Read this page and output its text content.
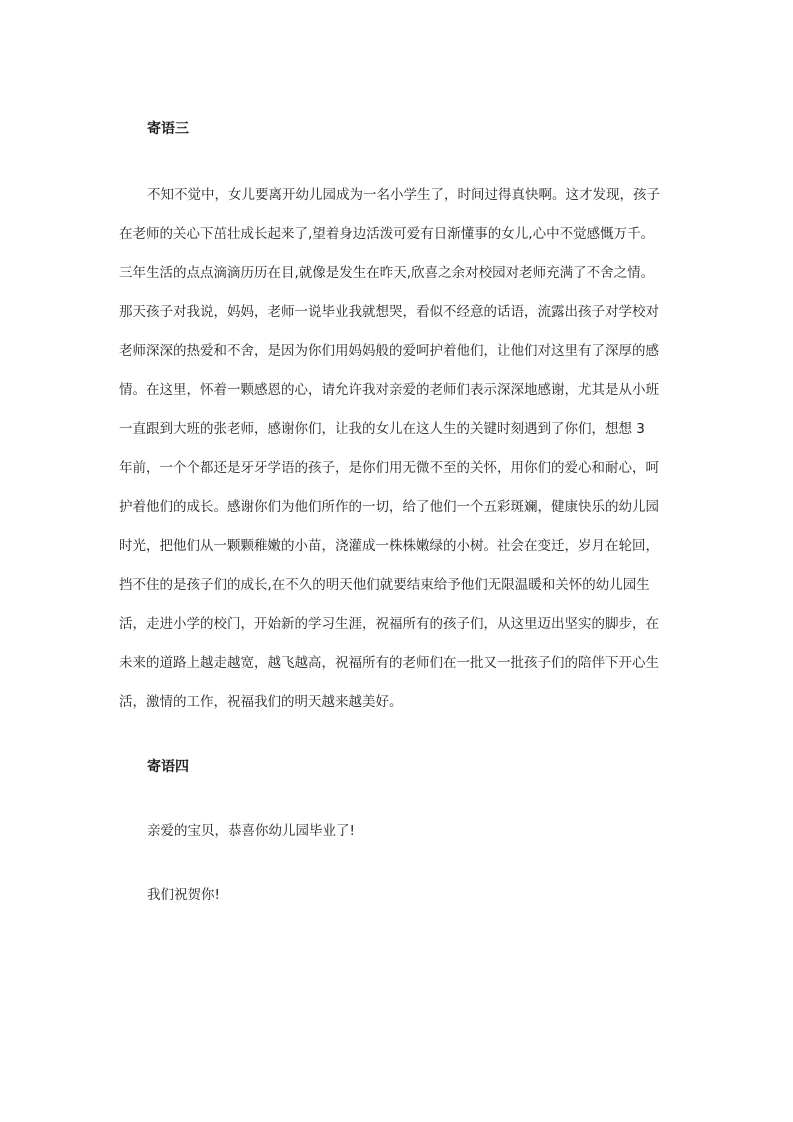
寄语三
不知不觉中，女儿要离开幼儿园成为一名小学生了，时间过得真快啊。这才发现，孩子
在老师的关心下茁壮成长起来了,望着身边活泼可爱有日渐懂事的女儿,心中不觉感慨万千。
三年生活的点点滴滴历历在目,就像是发生在昨天,欣喜之余对校园对老师充满了不舍之情。
那天孩子对我说，妈妈，老师一说毕业我就想哭，看似不经意的话语，流露出孩子对学校对
老师深深的热爱和不舍，是因为你们用妈妈般的爱呵护着他们，让他们对这里有了深厚的感
情。在这里，怀着一颗感恩的心，请允许我对亲爱的老师们表示深深地感谢，尤其是从小班
一直跟到大班的张老师，感谢你们，让我的女儿在这人生的关键时刻遇到了你们，想想 3
年前，一个个都还是牙牙学语的孩子，是你们用无微不至的关怀，用你们的爱心和耐心，呵
护着他们的成长。感谢你们为他们所作的一切，给了他们一个五彩斑斓，健康快乐的幼儿园
时光，把他们从一颗颗稚嫩的小苗，浇灌成一株株嫩绿的小树。社会在变迁，岁月在轮回，
挡不住的是孩子们的成长,在不久的明天他们就要结束给予他们无限温暖和关怀的幼儿园生
活，走进小学的校门，开始新的学习生涯，祝福所有的孩子们，从这里迈出坚实的脚步，在
未来的道路上越走越宽，越飞越高，祝福所有的老师们在一批又一批孩子们的陪伴下开心生
活，激情的工作，祝福我们的明天越来越美好。
寄语四
亲爱的宝贝，恭喜你幼儿园毕业了!
我们祝贺你!
